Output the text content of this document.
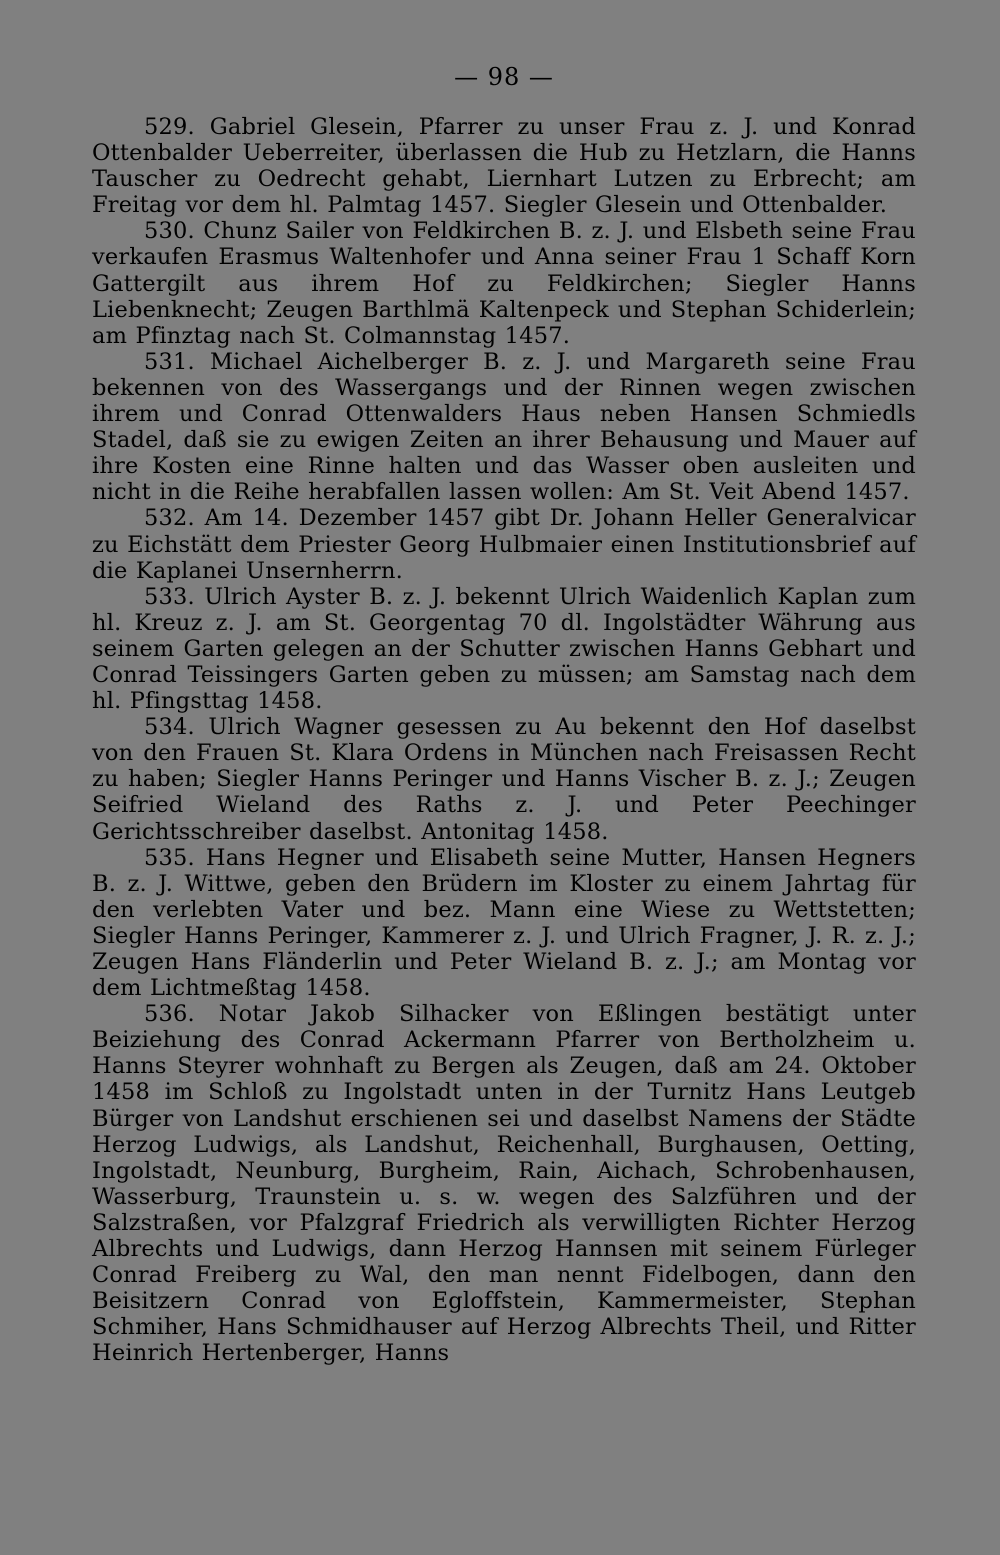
— 98 —

529. Gabriel Glesein, Pfarrer zu unser Frau z. J. und Konrad Ottenbalder Ueberreiter, überlassen die Hub zu Hetzlarn, die Hanns Tauscher zu Oedrecht gehabt, Liernhart Lutzen zu Erbrecht; am Freitag vor dem hl. Palmtag 1457. Siegler Glesein und Ottenbalder.

530. Chunz Sailer von Feldkirchen B. z. J. und Elsbeth seine Frau verkaufen Erasmus Waltenhofer und Anna seiner Frau 1 Schaff Korn Gattergilt aus ihrem Hof zu Feldkirchen; Siegler Hanns Liebenknecht; Zeugen Barthlmä Kaltenpeck und Stephan Schiderlein; am Pfinztag nach St. Colmannstag 1457.

531. Michael Aichelberger B. z. J. und Margareth seine Frau bekennen von des Wassergangs und der Rinnen wegen zwischen ihrem und Conrad Ottenwalders Haus neben Hansen Schmiedls Stadel, daß sie zu ewigen Zeiten an ihrer Behausung und Mauer auf ihre Kosten eine Rinne halten und das Wasser oben ausleiten und nicht in die Reihe herabfallen lassen wollen: Am St. Veit Abend 1457.

532. Am 14. Dezember 1457 gibt Dr. Johann Heller Generalvicar zu Eichstätt dem Priester Georg Hulbmaier einen Institutionsbrief auf die Kaplanei Unsernherrn.

533. Ulrich Ayster B. z. J. bekennt Ulrich Waidenlich Kaplan zum hl. Kreuz z. J. am St. Georgentag 70 dl. Ingolstädter Währung aus seinem Garten gelegen an der Schutter zwischen Hanns Gebhart und Conrad Teissingers Garten geben zu müssen; am Samstag nach dem hl. Pfingsttag 1458.

534. Ulrich Wagner gesessen zu Au bekennt den Hof daselbst von den Frauen St. Klara Ordens in München nach Freisassen Recht zu haben; Siegler Hanns Peringer und Hanns Vischer B. z. J.; Zeugen Seifried Wieland des Raths z. J. und Peter Peechinger Gerichtsschreiber daselbst. Antonitag 1458.

535. Hans Hegner und Elisabeth seine Mutter, Hansen Hegners B. z. J. Wittwe, geben den Brüdern im Kloster zu einem Jahrtag für den verlebten Vater und bez. Mann eine Wiese zu Wettstetten; Siegler Hanns Peringer, Kammerer z. J. und Ulrich Fragner, J. R. z. J.; Zeugen Hans Fländerlin und Peter Wieland B. z. J.; am Montag vor dem Lichtmeßtag 1458.

536. Notar Jakob Silhacker von Eßlingen bestätigt unter Beiziehung des Conrad Ackermann Pfarrer von Bertholzheim u. Hanns Steyrer wohnhaft zu Bergen als Zeugen, daß am 24. Oktober 1458 im Schloß zu Ingolstadt unten in der Turnitz Hans Leutgeb Bürger von Landshut erschienen sei und daselbst Namens der Städte Herzog Ludwigs, als Landshut, Reichenhall, Burghausen, Oetting, Ingolstadt, Neunburg, Burgheim, Rain, Aichach, Schrobenhausen, Wasserburg, Traunstein u. s. w. wegen des Salzführen und der Salzstraßen, vor Pfalzgraf Friedrich als verwilligten Richter Herzog Albrechts und Ludwigs, dann Herzog Hannsen mit seinem Fürleger Conrad Freiberg zu Wal, den man nennt Fidelbogen, dann den Beisitzern Conrad von Egloffstein, Kammermeister, Stephan Schmiher, Hans Schmidhauser auf Herzog Albrechts Theil, und Ritter Heinrich Hertenberger, Hanns
